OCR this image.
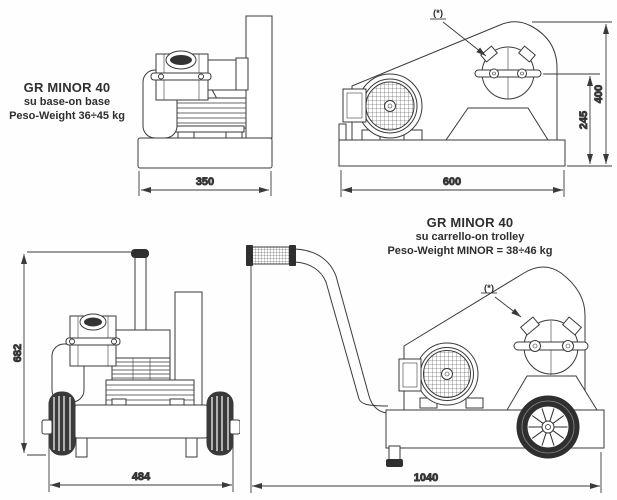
GR MINOR 40
su base-on base
Peso-Weight 36÷45 kg
350
(*)
600
245
400
GR MINOR 40
su carrello-on trolley
Peso-Weight MINOR = 38÷46 kg
682
484
(*)
1040
